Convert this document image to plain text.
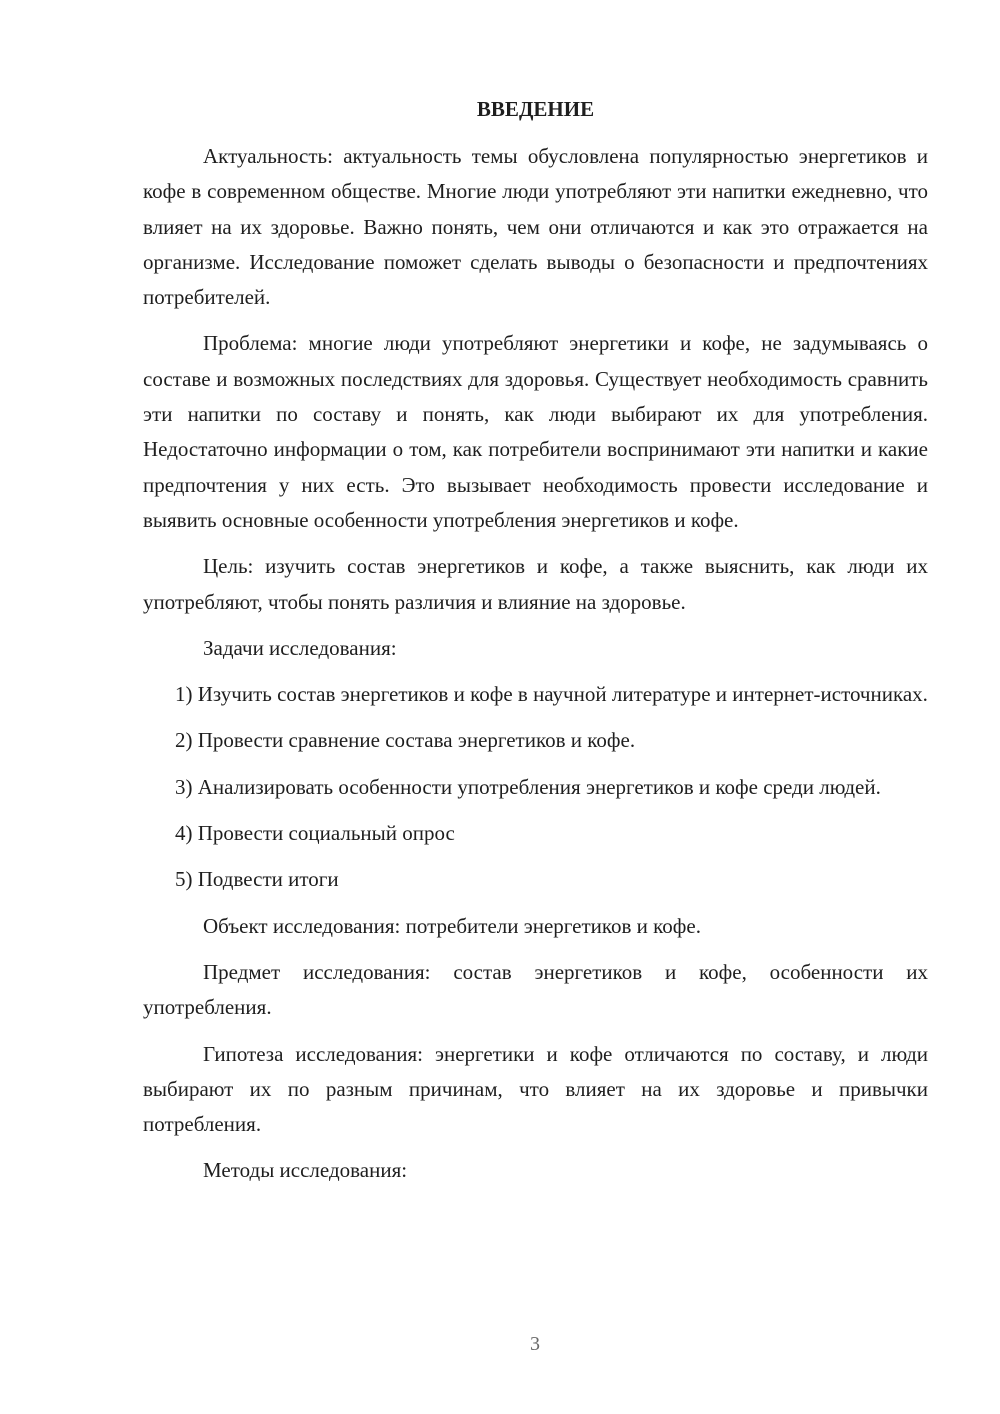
ВВЕДЕНИЕ

Актуальность: актуальность темы обусловлена популярностью энергетиков и кофе в современном обществе. Многие люди употребляют эти напитки ежедневно, что влияет на их здоровье. Важно понять, чем они отличаются и как это отражается на организме. Исследование поможет сделать выводы о безопасности и предпочтениях потребителей.

Проблема: многие люди употребляют энергетики и кофе, не задумываясь о составе и возможных последствиях для здоровья. Существует необходимость сравнить эти напитки по составу и понять, как люди выбирают их для употребления. Недостаточно информации о том, как потребители воспринимают эти напитки и какие предпочтения у них есть. Это вызывает необходимость провести исследование и выявить основные особенности употребления энергетиков и кофе.

Цель: изучить состав энергетиков и кофе, а также выяснить, как люди их употребляют, чтобы понять различия и влияние на здоровье.

Задачи исследования:

1) Изучить состав энергетиков и кофе в научной литературе и интернет-источниках.

2) Провести сравнение состава энергетиков и кофе.

3) Анализировать особенности употребления энергетиков и кофе среди людей.

4) Провести социальный опрос

5) Подвести итоги

Объект исследования: потребители энергетиков и кофе.

Предмет исследования: состав энергетиков и кофе, особенности их употребления.

Гипотеза исследования: энергетики и кофе отличаются по составу, и люди выбирают их по разным причинам, что влияет на их здоровье и привычки потребления.

Методы исследования:

3
